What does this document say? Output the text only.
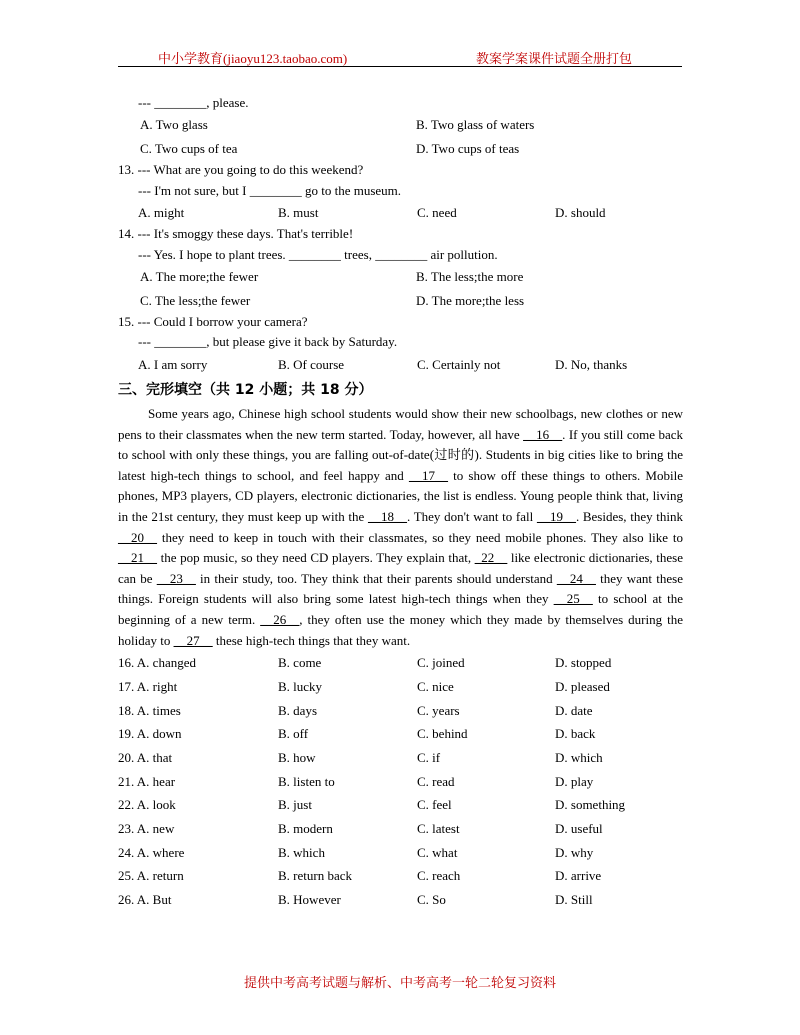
中小学教育(jiaoyu123.taobao.com)	教案学案课件试题全册打包
--- ________, please.
A. Two glass	B. Two glass of waters
C. Two cups of tea	D. Two cups of teas
13. --- What are you going to do this weekend?
--- I'm not sure, but I ________ go to the museum.
A. might	B. must	C. need	D. should
14. --- It's smoggy these days. That's terrible!
--- Yes. I hope to plant trees. ________ trees, ________ air pollution.
A. The more;the fewer	B. The less;the more
C. The less;the fewer	D. The more;the less
15. --- Could I borrow your camera?
--- ________, but please give it back by Saturday.
A. I am sorry	B. Of course	C. Certainly not	D. No, thanks
三、完形填空（共 12 小题；共 18 分）

Some years ago, Chinese high school students would show their new schoolbags, new clothes or new pens to their classmates when the new term started. Today, however, all have __16__. If you still come back to school with only these things, you are falling out-of-date(过时的). Students in big cities like to bring the latest high-tech things to school, and feel happy and __17__ to show off these things to others. Mobile phones, MP3 players, CD players, electronic dictionaries, the list is endless. Young people think that, living in the 21st century, they must keep up with the __18__. They don't want to fall __19__. Besides, they think __20__ they need to keep in touch with their classmates, so they need mobile phones. They also like to __21__ the pop music, so they need CD players. They explain that, _22__ like electronic dictionaries, these can be __23__ in their study, too. They think that their parents should understand __24__ they want these things. Foreign students will also bring some latest high-tech things when they __25__ to school at the beginning of a new term. __26__, they often use the money which they made by themselves during the holiday to __27__ these high-tech things that they want.

16. A. changed	B. come	C. joined	D. stopped
17. A. right	B. lucky	C. nice	D. pleased
18. A. times	B. days	C. years	D. date
19. A. down	B. off	C. behind	D. back
20. A. that	B. how	C. if	D. which
21. A. hear	B. listen to	C. read	D. play
22. A. look	B. just	C. feel	D. something
23. A. new	B. modern	C. latest	D. useful
24. A. where	B. which	C. what	D. why
25. A. return	B. return back	C. reach	D. arrive
26. A. But	B. However	C. So	D. Still
提供中考高考试题与解析、中考高考一轮二轮复习资料
